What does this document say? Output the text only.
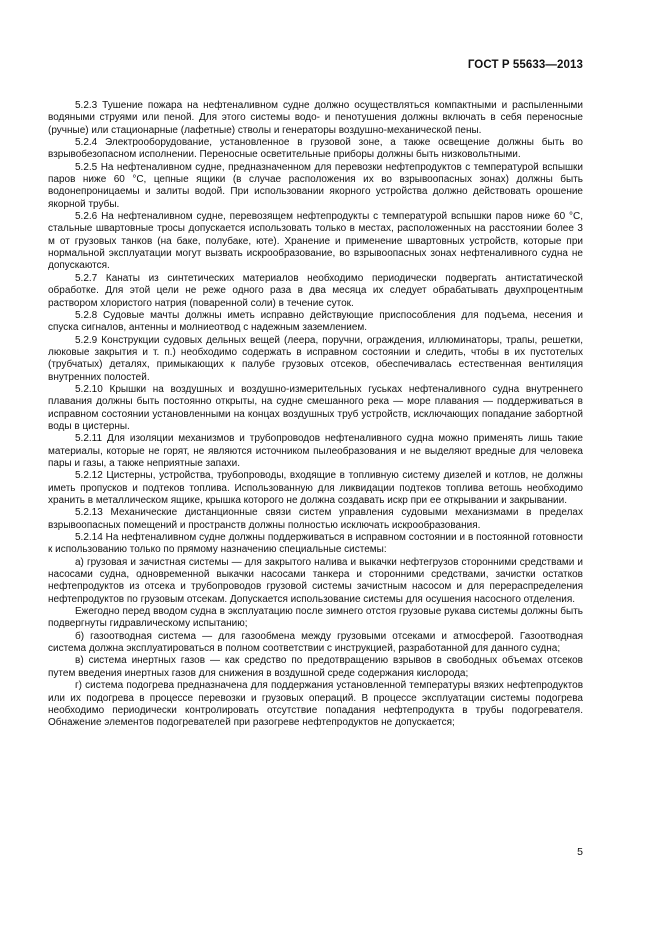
ГОСТ Р 55633—2013

5.2.3 Тушение пожара на нефтеналивном судне должно осуществляться компактными и распыленными водяными струями или пеной. Для этого системы водо- и пенотушения должны включать в себя переносные (ручные) или стационарные (лафетные) стволы и генераторы воздушно-механической пены.

5.2.4 Электрооборудование, установленное в грузовой зоне, а также освещение должны быть во взрывобезопасном исполнении. Переносные осветительные приборы должны быть низковольтными.

5.2.5 На нефтеналивном судне, предназначенном для перевозки нефтепродуктов с температурой вспышки паров ниже 60 °C, цепные ящики (в случае расположения их во взрывоопасных зонах) должны быть водонепроницаемы и залиты водой. При использовании якорного устройства должно действовать орошение якорной трубы.

5.2.6 На нефтеналивном судне, перевозящем нефтепродукты с температурой вспышки паров ниже 60 °C, стальные швартовные тросы допускается использовать только в местах, расположенных на расстоянии более 3 м от грузовых танков (на баке, полубаке, юте). Хранение и применение швартовных устройств, которые при нормальной эксплуатации могут вызвать искрообразование, во взрывоопасных зонах нефтеналивного судна не допускаются.

5.2.7 Канаты из синтетических материалов необходимо периодически подвергать антистатической обработке. Для этой цели не реже одного раза в два месяца их следует обрабатывать двухпроцентным раствором хлористого натрия (поваренной соли) в течение суток.

5.2.8 Судовые мачты должны иметь исправно действующие приспособления для подъема, несения и спуска сигналов, антенны и молниеотвод с надежным заземлением.

5.2.9 Конструкции судовых дельных вещей (леера, поручни, ограждения, иллюминаторы, трапы, решетки, люковые закрытия и т. п.) необходимо содержать в исправном состоянии и следить, чтобы в их пустотелых (трубчатых) деталях, примыкающих к палубе грузовых отсеков, обеспечивалась естественная вентиляция внутренних полостей.

5.2.10 Крышки на воздушных и воздушно-измерительных гуськах нефтеналивного судна внутреннего плавания должны быть постоянно открыты, на судне смешанного река — море плавания — поддерживаться в исправном состоянии установленными на концах воздушных труб устройств, исключающих попадание забортной воды в цистерны.

5.2.11 Для изоляции механизмов и трубопроводов нефтеналивного судна можно применять лишь такие материалы, которые не горят, не являются источником пылеобразования и не выделяют вредные для человека пары и газы, а также неприятные запахи.

5.2.12 Цистерны, устройства, трубопроводы, входящие в топливную систему дизелей и котлов, не должны иметь пропусков и подтеков топлива. Использованную для ликвидации подтеков топлива ветошь необходимо хранить в металлическом ящике, крышка которого не должна создавать искр при ее открывании и закрывании.

5.2.13 Механические дистанционные связи систем управления судовыми механизмами в пределах взрывоопасных помещений и пространств должны полностью исключать искрообразования.

5.2.14 На нефтеналивном судне должны поддерживаться в исправном состоянии и в постоянной готовности к использованию только по прямому назначению специальные системы:

а) грузовая и зачистная системы — для закрытого налива и выкачки нефтегрузов сторонними средствами и насосами судна, одновременной выкачки насосами танкера и сторонними средствами, зачистки остатков нефтепродуктов из отсека и трубопроводов грузовой системы зачистным насосом и для перераспределения нефтепродуктов по грузовым отсекам. Допускается использование системы для осушения насосного отделения.

Ежегодно перед вводом судна в эксплуатацию после зимнего отстоя грузовые рукава системы должны быть подвергнуты гидравлическому испытанию;

б) газоотводная система — для газообмена между грузовыми отсеками и атмосферой. Газоотводная система должна эксплуатироваться в полном соответствии с инструкцией, разработанной для данного судна;

в) система инертных газов — как средство по предотвращению взрывов в свободных объемах отсеков путем введения инертных газов для снижения в воздушной среде содержания кислорода;

г) система подогрева предназначена для поддержания установленной температуры вязких нефтепродуктов или их подогрева в процессе перевозки и грузовых операций. В процессе эксплуатации системы подогрева необходимо периодически контролировать отсутствие попадания нефтепродукта в трубы подогревателя. Обнажение элементов подогревателей при разогреве нефтепродуктов не допускается;

5
